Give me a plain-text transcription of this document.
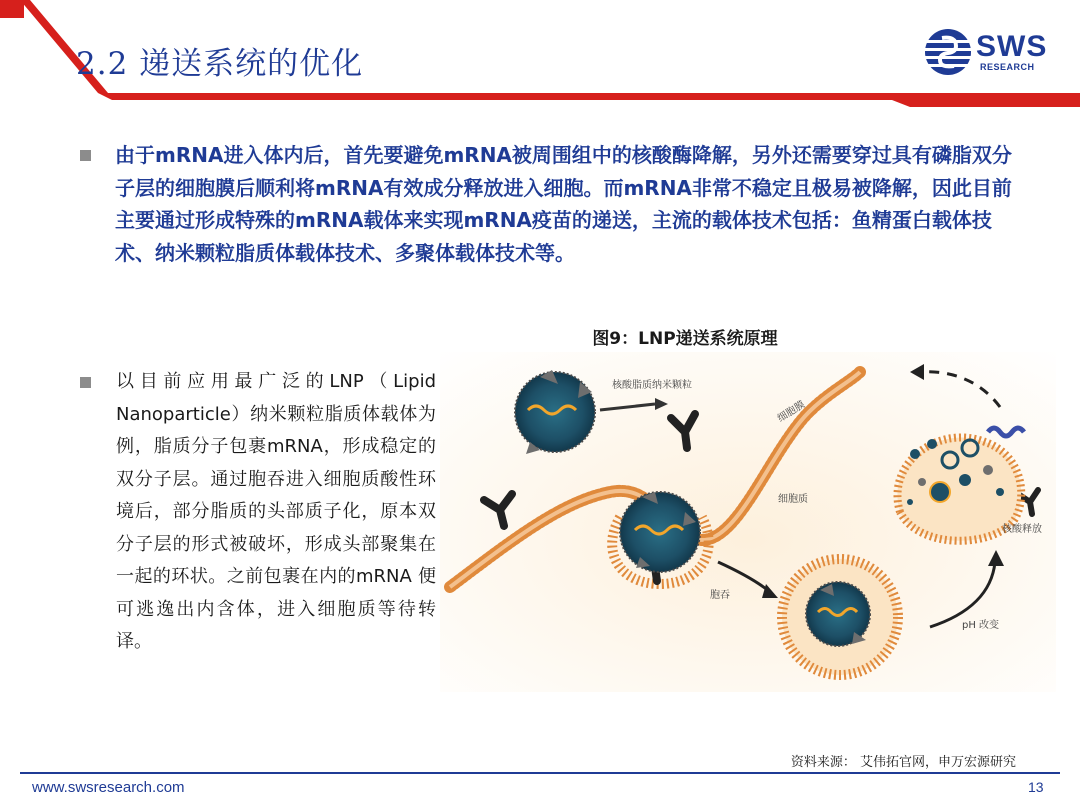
2.2 递送系统的优化	SWS
RESEARCH
由于mRNA进入体内后，首先要避免mRNA被周围组中的核酸酶降解，另外还需要穿过具有磷脂双分子层的细胞膜后顺利将mRNA有效成分释放进入细胞。而mRNA非常不稳定且极易被降解，因此目前主要通过形成特殊的mRNA载体来实现mRNA疫苗的递送，主流的载体技术包括：鱼精蛋白载体技术、纳米颗粒脂质体载体技术、多聚体载体技术等。
图9：LNP递送系统原理
以目前应用最广泛的LNP（Lipid Nanoparticle）纳米颗粒脂质体载体为例，脂质分子包裹mRNA，形成稳定的双分子层。通过胞吞进入细胞质酸性环境后，部分脂质的头部质子化，原本双分子层的形式被破坏，形成头部聚集在一起的环状。之前包裹在内的mRNA 便可逃逸出内含体，进入细胞质等待转译。
核酸脂质纳米颗粒
细胞膜
细胞质
胞吞
pH 改变
核酸释放
资料来源： 艾伟拓官网，申万宏源研究
www.swsresearch.com	13
